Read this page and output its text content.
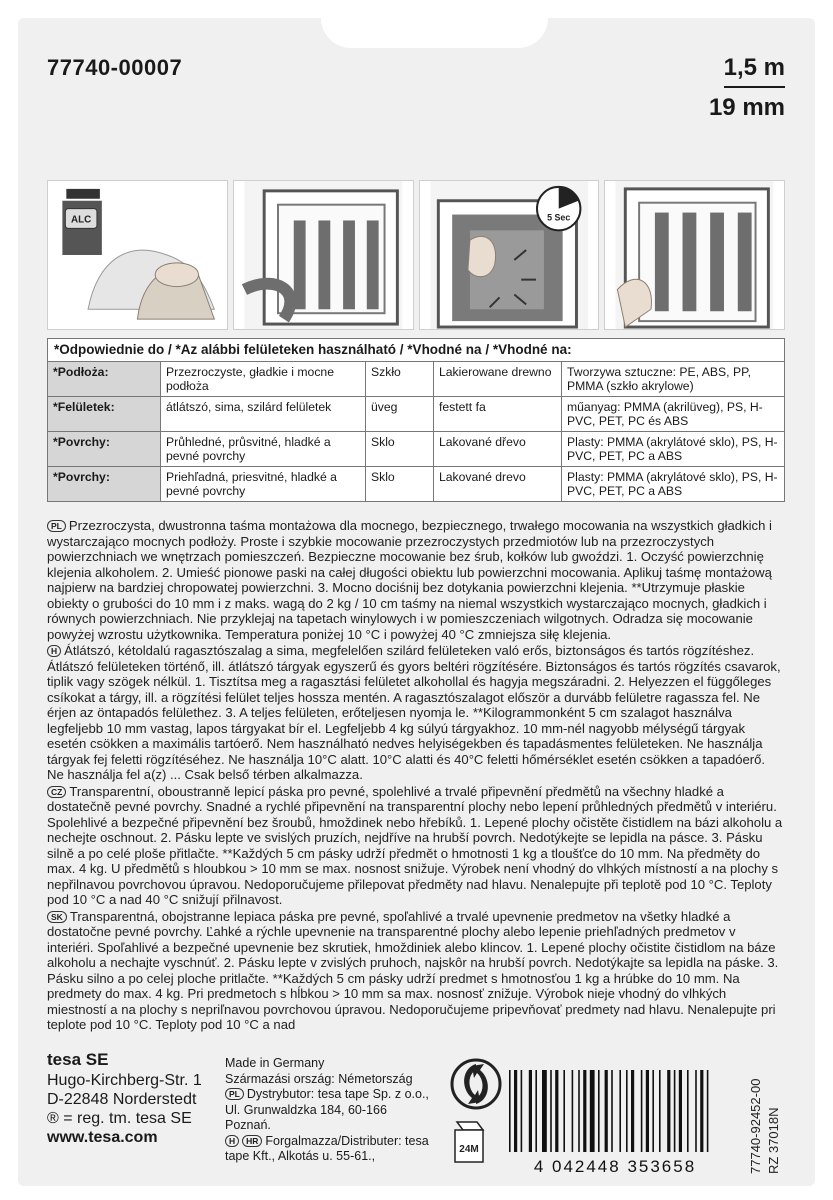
77740-00007	1,5 m
19 mm
ALC	5 Sec
*Odpowiednie do / *Az alábbi felületeken használható / *Vhodné na / *Vhodné na:				
*Podłoża:	Przezroczyste, gładkie i mocne podłoża	Szkło	Lakierowane drewno	Tworzywa sztuczne: PE, ABS, PP, PMMA (szkło akrylowe)
*Felületek:	átlátszó, sima, szilárd felületek	üveg	festett fa	műanyag: PMMA (akrilüveg), PS, H-PVC, PET, PC és ABS
*Povrchy:	Průhledné, průsvitné, hladké a pevné povrchy	Sklo	Lakované dřevo	Plasty: PMMA (akrylátové sklo), PS, H-PVC, PET, PC a ABS
*Povrchy:	Priehľadná, priesvitné, hladké a pevné povrchy	Sklo	Lakované drevo	Plasty: PMMA (akrylátové sklo), PS, H-PVC, PET, PC a ABS

PL Przezroczysta, dwustronna taśma montażowa dla mocnego, bezpiecznego, trwałego mocowania na wszystkich gładkich i wystarczająco mocnych podłoży. Proste i szybkie mocowanie przezroczystych przedmiotów lub na przezroczystych powierzchniach we wnętrzach pomieszczeń. Bezpieczne mocowanie bez śrub, kołków lub gwoździ. 1. Oczyść powierzchnię klejenia alkoholem. 2. Umieść pionowe paski na całej długości obiektu lub powierzchni mocowania. Aplikuj taśmę montażową najpierw na bardziej chropowatej powierzchni. 3. Mocno dociśnij bez dotykania powierzchni klejenia. **Utrzymuje płaskie obiekty o grubości do 10 mm i z maks. wagą do 2 kg / 10 cm taśmy na niemal wszystkich wystarczająco mocnych, gładkich i równych powierzchniach. Nie przyklejaj na tapetach winylowych i w pomieszczeniach wilgotnych. Odradza się mocowanie powyżej wzrostu użytkownika. Temperatura poniżej 10 °C i powyżej 40 °C zmniejsza siłę klejenia.

H Átlátszó, kétoldalú ragasztószalag a sima, megfelelően szilárd felületeken való erős, biztonságos és tartós rögzítéshez. Átlátszó felületeken történő, ill. átlátszó tárgyak egyszerű és gyors beltéri rögzítésére. Biztonságos és tartós rögzítés csavarok, tiplik vagy szögek nélkül. 1. Tisztítsa meg a ragasztási felületet alkohollal és hagyja megszáradni. 2. Helyezzen el függőleges csíkokat a tárgy, ill. a rögzítési felület teljes hossza mentén. A ragasztószalagot először a durvább felületre ragassza fel. Ne érjen az öntapadós felülethez. 3. A teljes felületen, erőteljesen nyomja le. **Kilogrammonként 5 cm szalagot használva legfeljebb 10 mm vastag, lapos tárgyakat bír el. Legfeljebb 4 kg súlyú tárgyakhoz. 10 mm-nél nagyobb mélységű tárgyak esetén csökken a maximális tartóerő. Nem használható nedves helyiségekben és tapadásmentes felületeken. Ne használja tárgyak fej feletti rögzítéséhez. Ne használja 10°C alatt. 10°C alatti és 40°C feletti hőmérséklet esetén csökken a tapadóerő. Ne használja fel a(z) ... Csak belső térben alkalmazza.

CZ Transparentní, oboustranně lepicí páska pro pevné, spolehlivé a trvalé připevnění předmětů na všechny hladké a dostatečně pevné povrchy. Snadné a rychlé připevnění na transparentní plochy nebo lepení průhledných předmětů v interiéru. Spolehlivé a bezpečné připevnění bez šroubů, hmoždinek nebo hřebíků. 1. Lepené plochy očistěte čistidlem na bázi alkoholu a nechejte oschnout. 2. Pásku lepte ve svislých pruzích, nejdříve na hrubší povrch. Nedotýkejte se lepidla na pásce. 3. Pásku silně a po celé ploše přitlačte. **Každých 5 cm pásky udrží předmět o hmotnosti 1 kg a tloušťce do 10 mm. Na předměty do max. 4 kg. U předmětů s hloubkou > 10 mm se max. nosnost snižuje. Výrobek není vhodný do vlhkých místností a na plochy s nepřilnavou povrchovou úpravou. Nedoporučujeme přilepovat předměty nad hlavu. Nenalepujte při teplotě pod 10 °C. Teploty pod 10 °C a nad 40 °C snižují přilnavost.

SK Transparentná, obojstranne lepiaca páska pre pevné, spoľahlivé a trvalé upevnenie predmetov na všetky hladké a dostatočne pevné povrchy. Ľahké a rýchle upevnenie na transparentné plochy alebo lepenie priehľadných predmetov v interiéri. Spoľahlivé a bezpečné upevnenie bez skrutiek, hmoždiniek alebo klincov. 1. Lepené plochy očistite čistidlom na báze alkoholu a nechajte vyschnúť. 2. Pásku lepte v zvislých pruhoch, najskôr na hrubší povrch. Nedotýkajte sa lepidla na páske. 3. Pásku silno a po celej ploche pritlačte. **Každých 5 cm pásky udrží predmet s hmotnosťou 1 kg a hrúbke do 10 mm. Na predmety do max. 4 kg. Pri predmetoch s hĺbkou > 10 mm sa max. nosnosť znižuje. Výrobok nieje vhodný do vlhkých miestností a na plochy s nepriľnavou povrchovou úpravou. Nedoporučujeme pripevňovať predmety nad hlavu. Nenalepujte pri teplote pod 10 °C. Teploty pod 10 °C a nad

tesa SE
Hugo-Kirchberg-Str. 1
D-22848 Norderstedt
® = reg. tm. tesa SE
www.tesa.com
Made in Germany
Származási ország: Németország
PL Dystrybutor: tesa tape Sp. z o.o., Ul. Grunwaldzka 184, 60-166 Poznań.
H HR Forgalmazza/Distributer: tesa tape Kft., Alkotás u. 55-61.,	24M
4 042448 353658	77740-92452-00 RZ 37018N
